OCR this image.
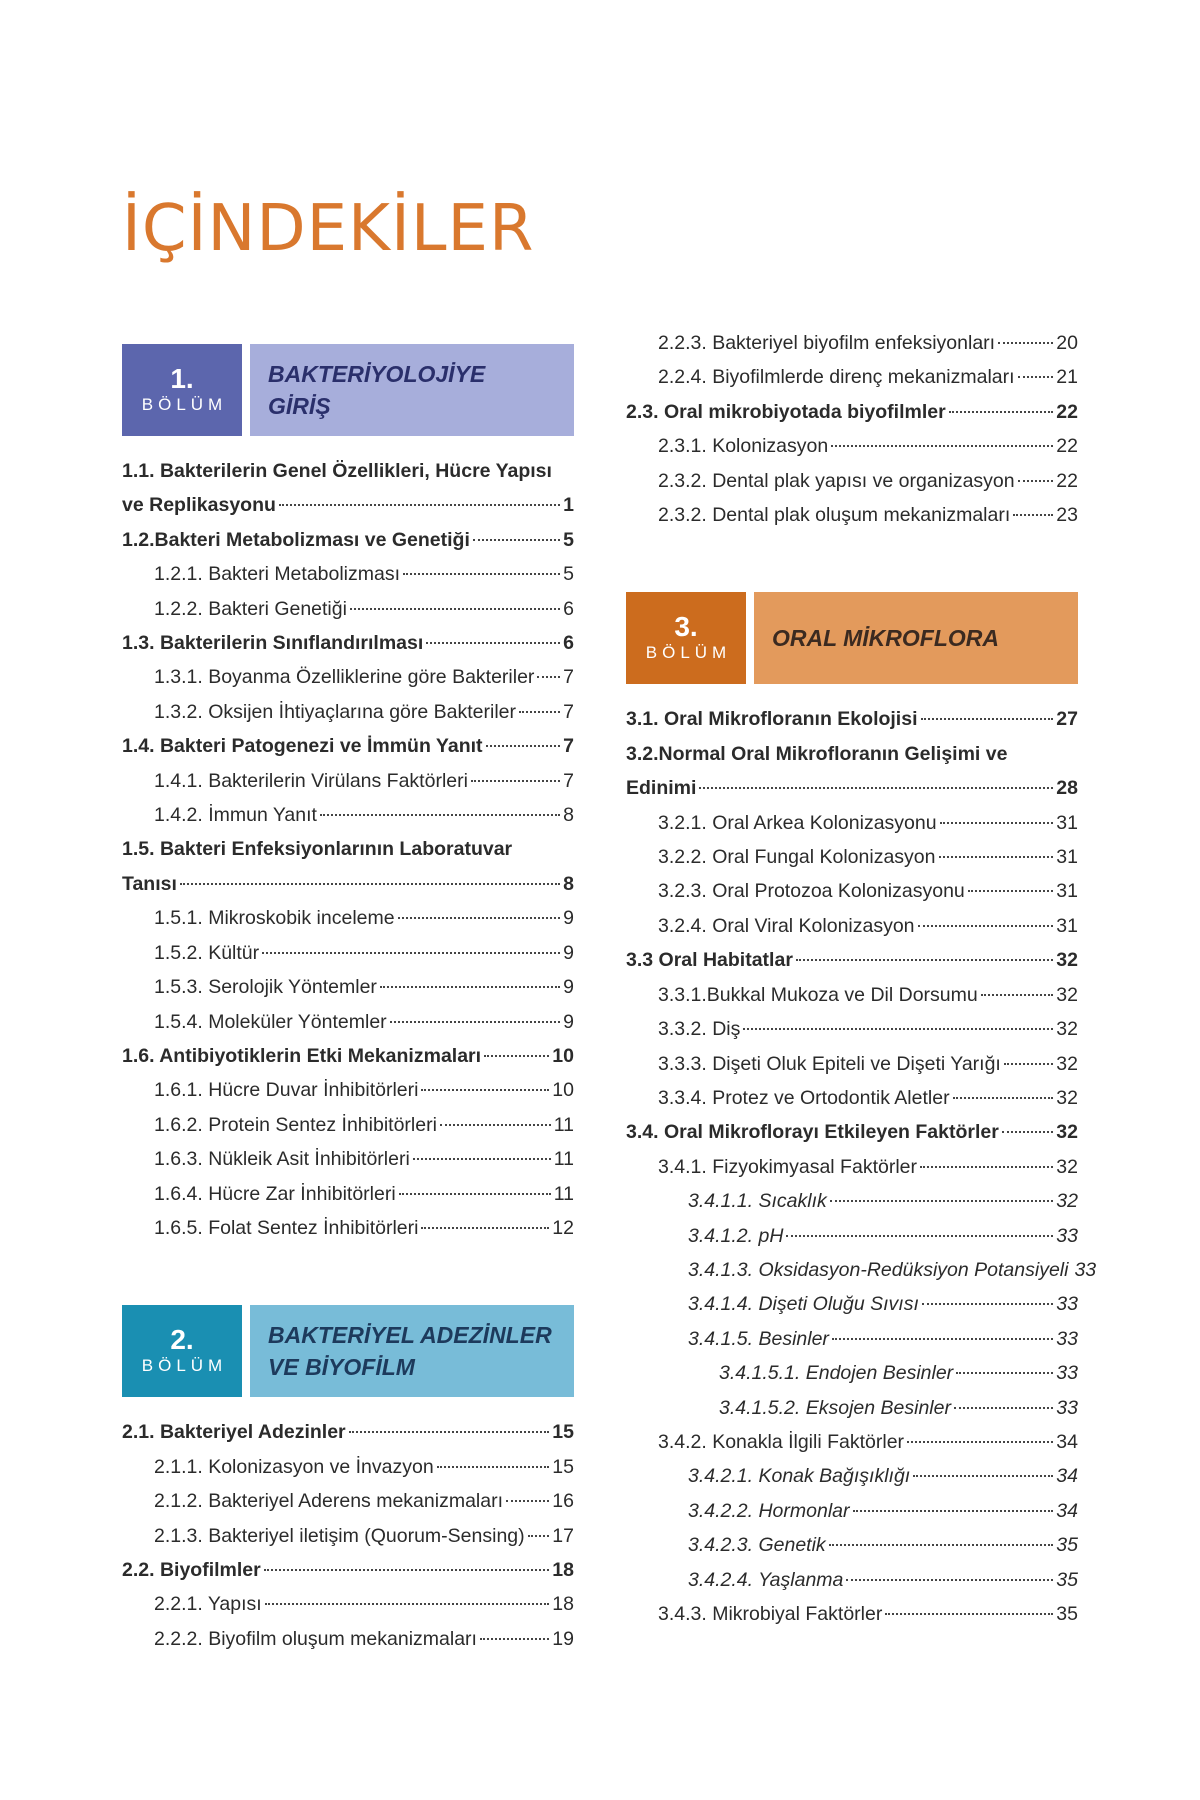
İÇİNDEKİLER
1.
BÖLÜM
BAKTERİYOLOJİYE
GİRİŞ
1.1. Bakterilerin Genel Özellikleri, Hücre Yapısı
ve Replikasyonu	1
1.2.Bakteri Metabolizması ve Genetiği	5
1.2.1. Bakteri Metabolizması	5
1.2.2. Bakteri Genetiği	6
1.3. Bakterilerin Sınıflandırılması	6
1.3.1. Boyanma Özelliklerine göre Bakteriler 7
1.3.2. Oksijen İhtiyaçlarına göre Bakteriler 7
1.4. Bakteri Patogenezi ve İmmün Yanıt	7
1.4.1. Bakterilerin Virülans Faktörleri	7
1.4.2. İmmun Yanıt	8
1.5. Bakteri Enfeksiyonlarının Laboratuvar
Tanısı	8
1.5.1. Mikroskobik inceleme	9
1.5.2. Kültür	9
1.5.3. Serolojik Yöntemler	9
1.5.4. Moleküler Yöntemler	9
1.6. Antibiyotiklerin Etki Mekanizmaları	10
1.6.1. Hücre Duvar İnhibitörleri	10
1.6.2. Protein Sentez İnhibitörleri	11
1.6.3. Nükleik Asit İnhibitörleri	11
1.6.4. Hücre Zar İnhibitörleri	11
1.6.5. Folat Sentez İnhibitörleri	12
2.
BÖLÜM
BAKTERİYEL ADEZİNLER
VE BİYOFİLM
2.1. Bakteriyel Adezinler	15
2.1.1. Kolonizasyon ve İnvazyon	15
2.1.2. Bakteriyel Aderens mekanizmaları	16
2.1.3. Bakteriyel iletişim (Quorum-Sensing) 17
2.2. Biyofilmler	18
2.2.1. Yapısı	18
2.2.2. Biyofilm oluşum mekanizmaları	19
2.2.3. Bakteriyel biyofilm enfeksiyonları	20
2.2.4. Biyofilmlerde direnç mekanizmaları 21
2.3. Oral mikrobiyotada biyofilmler	22
2.3.1. Kolonizasyon	22
2.3.2. Dental plak yapısı ve organizasyon 22
2.3.2. Dental plak oluşum mekanizmaları 23
3.
BÖLÜM
ORAL MİKROFLORA
3.1. Oral Mikrofloranın Ekolojisi	27
3.2.Normal Oral Mikrofloranın Gelişimi ve
Edinimi	28
3.2.1. Oral Arkea Kolonizasyonu	31
3.2.2. Oral Fungal Kolonizasyon	31
3.2.3. Oral Protozoa Kolonizasyonu	31
3.2.4. Oral Viral Kolonizasyon	31
3.3 Oral Habitatlar	32
3.3.1.Bukkal Mukoza ve Dil Dorsumu	32
3.3.2. Diş	32
3.3.3. Dişeti Oluk Epiteli ve Dişeti Yarığı	32
3.3.4. Protez ve Ortodontik Aletler	32
3.4. Oral Mikroflorayı Etkileyen Faktörler	32
3.4.1. Fizyokimyasal Faktörler	32
3.4.1.1. Sıcaklık	32
3.4.1.2. pH	33
3.4.1.3. Oksidasyon-Redüksiyon Potansiyeli 33
3.4.1.4. Dişeti Oluğu Sıvısı	33
3.4.1.5. Besinler	33
3.4.1.5.1. Endojen Besinler	33
3.4.1.5.2. Eksojen Besinler	33
3.4.2. Konakla İlgili Faktörler	34
3.4.2.1. Konak Bağışıklığı	34
3.4.2.2. Hormonlar	34
3.4.2.3. Genetik	35
3.4.2.4. Yaşlanma	35
3.4.3. Mikrobiyal Faktörler	35
